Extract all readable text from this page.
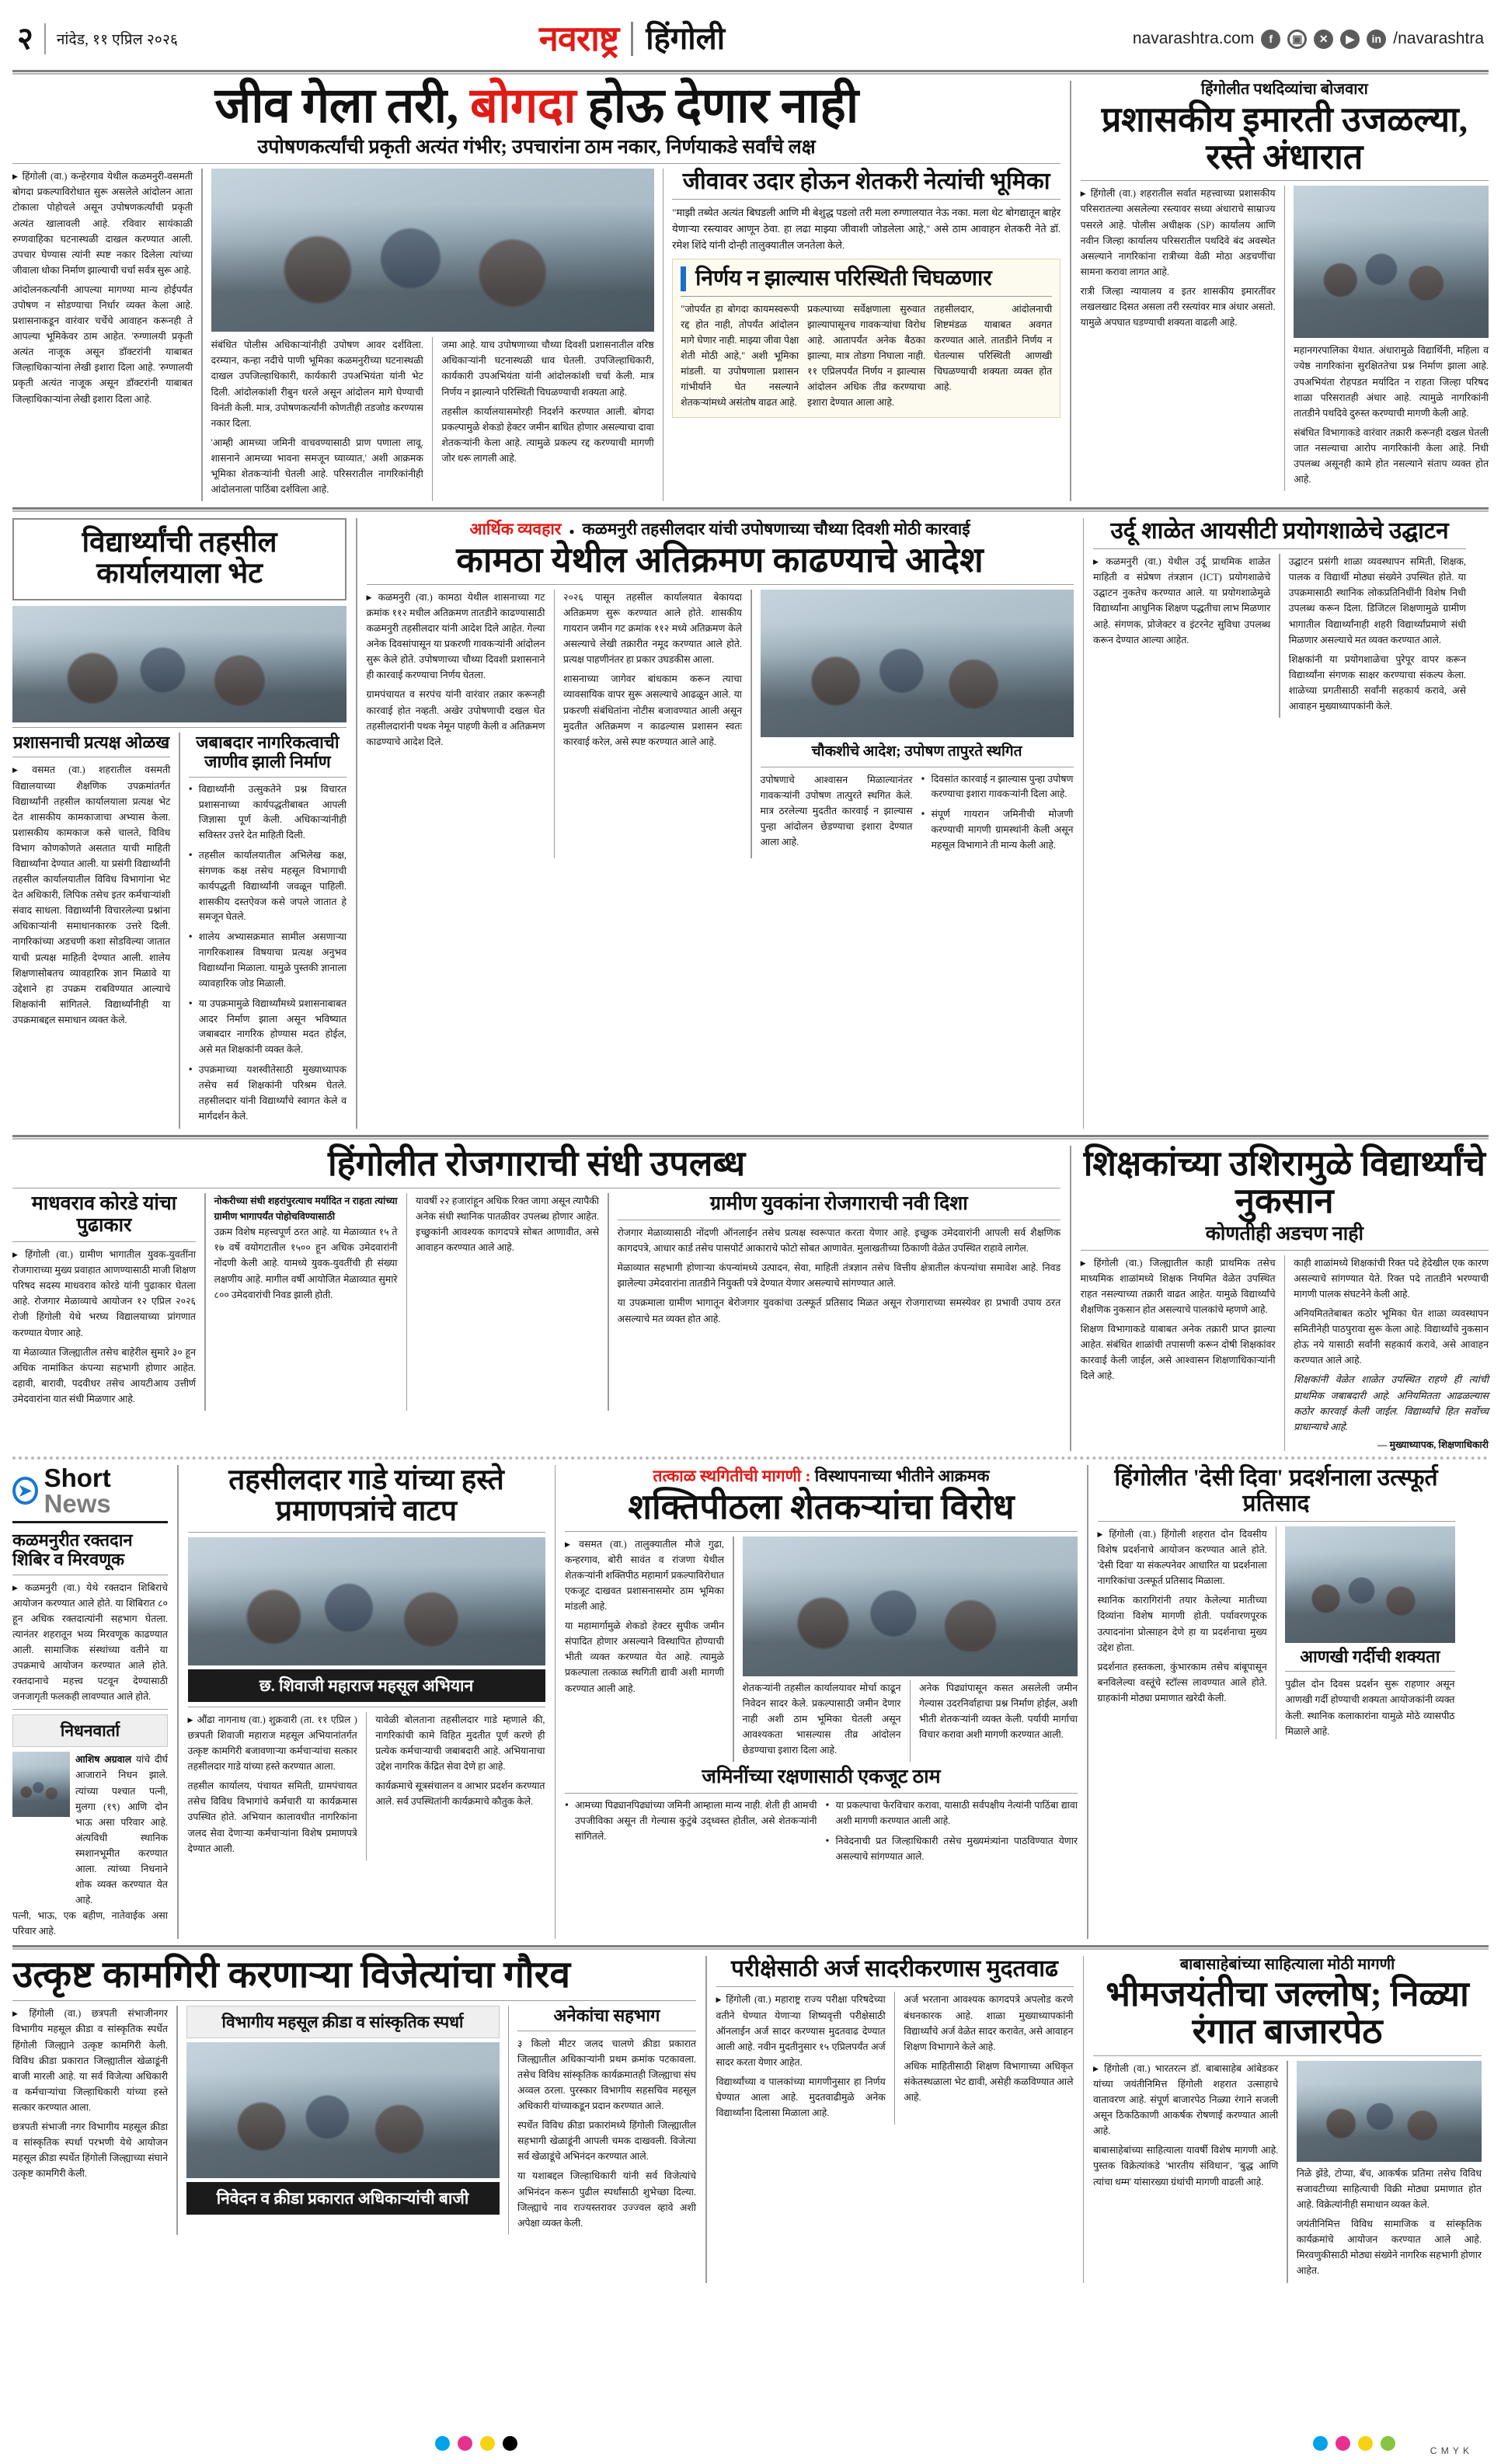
२ नांदेड, ११ एप्रिल २०२६	नवराष्ट्र हिंगोली	navarashtra.com	f	▣	✕	▶	in /navarashtra
जीव गेला तरी, बोगदा होऊ देणार नाही
उपोषणकर्त्यांची प्रकृती अत्यंत गंभीर; उपचारांना ठाम नकार, निर्णयाकडे सर्वांचे लक्ष

▶ हिंगोली (वा.) कन्हेरगाव येथील कळमनुरी-वसमती बोगदा प्रकल्पाविरोधात सुरू असलेले आंदोलन आता टोकाला पोहोचले असून उपोषणकर्त्यांची प्रकृती अत्यंत खालावली आहे. रविवार सायंकाळी रुग्णवाहिका घटनास्थळी दाखल करण्यात आली. उपचार घेण्यास त्यांनी स्पष्ट नकार दिलेला त्यांच्या जीवाला धोका निर्माण झाल्याची चर्चा सर्वत्र सुरू आहे.

आंदोलनकर्त्यांनी आपल्या मागण्या मान्य होईपर्यंत उपोषण न सोडण्याचा निर्धार व्यक्त केला आहे. प्रशासनाकडून वारंवार चर्चेचे आवाहन करूनही ते आपल्या भूमिकेवर ठाम आहेत. 'रुग्णालयी प्रकृती अत्यंत नाजूक असून डॉक्टरांनी याबाबत जिल्हाधिकाऱ्यांना लेखी इशारा दिला आहे. 'रुग्णालयी प्रकृती अत्यंत नाजूक असून डॉक्टरांनी याबाबत जिल्हाधिकाऱ्यांना लेखी इशारा दिला आहे.

संबंधित पोलीस अधिकाऱ्यांनीही उपोषण आवर दर्शविला. दरम्यान, कन्हा नदीचे पाणी भूमिका कळमनुरीच्या घटनास्थळी दाखल उपजिल्हाधिकारी, कार्यकारी उपअभियंता यांनी भेट दिली. आंदोलकांशी रीबुन धरले असून आंदोलन मागे घेण्याची विनंती केली. मात्र, उपोषणकर्त्यांनी कोणतीही तडजोड करण्यास नकार दिला.

'आम्ही आमच्या जमिनी वाचवण्यासाठी प्राण पणाला लावू. शासनाने आमच्या भावना समजून घ्याव्यात,' अशी आक्रमक भूमिका शेतकऱ्यांनी घेतली आहे. परिसरातील नागरिकांनीही आंदोलनाला पाठिंबा दर्शविला आहे.

जमा आहे. याच उपोषणाच्या चौथ्या दिवशी प्रशासनातील वरिष्ठ अधिकाऱ्यांनी घटनास्थळी धाव घेतली. उपजिल्हाधिकारी, कार्यकारी उपअभियंता यांनी आंदोलकांशी चर्चा केली. मात्र निर्णय न झाल्याने परिस्थिती चिघळण्याची शक्यता आहे.

तहसील कार्यालयासमोरही निदर्शने करण्यात आली. बोगदा प्रकल्पामुळे शेकडो हेक्टर जमीन बाधित होणार असल्याचा दावा शेतकऱ्यांनी केला आहे. त्यामुळे प्रकल्प रद्द करण्याची मागणी जोर धरू लागली आहे.

जीवावर उदार होऊन शेतकरी नेत्यांची भूमिका
"माझी तब्येत अत्यंत बिघडली आणि मी बेशुद्ध पडलो तरी मला रुग्णालयात नेऊ नका. मला थेट बोगद्यातून बाहेर येणाऱ्या रस्त्यावर आणून ठेवा. हा लढा माझ्या जीवाशी जोडलेला आहे," असे ठाम आवाहन शेतकरी नेते डॉ. रमेश शिंदे यांनी दोन्ही तालुक्यातील जनतेला केले.
निर्णय न झाल्यास परिस्थिती चिघळणार
"जोपर्यंत हा बोगदा कायमस्वरूपी रद्द होत नाही, तोपर्यंत आंदोलन मागे घेणार नाही. माझ्या जीवा पेक्षा शेती मोठी आहे," अशी भूमिका मांडली. या उपोषणाला प्रशासन गांभीर्याने घेत नसल्याने शेतकऱ्यांमध्ये असंतोष वाढत आहे.
प्रकल्पाच्या सर्वेक्षणाला सुरुवात झाल्यापासूनच गावकऱ्यांचा विरोध आहे. आतापर्यंत अनेक बैठका झाल्या, मात्र तोडगा निघाला नाही. ११ एप्रिलपर्यंत निर्णय न झाल्यास आंदोलन अधिक तीव्र करण्याचा इशारा देण्यात आला आहे.
तहसीलदार, आंदोलनाची शिष्टमंडळ याबाबत अवगत करण्यात आले. तातडीने निर्णय न घेतल्यास परिस्थिती आणखी चिघळण्याची शक्यता व्यक्त होत आहे.
हिंगोलीत पथदिव्यांचा बोजवारा
प्रशासकीय इमारती उजळल्या, रस्ते अंधारात

▶ हिंगोली (वा.) शहरातील सर्वात महत्त्वाच्या प्रशासकीय परिसरातल्या असलेल्या रस्त्यावर सध्या अंधाराचे साम्राज्य पसरले आहे. पोलीस अधीक्षक (SP) कार्यालय आणि नवीन जिल्हा कार्यालय परिसरातील पथदिवे बंद अवस्थेत असल्याने नागरिकांना रात्रीच्या वेळी मोठा अडचणींचा सामना करावा लागत आहे.

रात्री जिल्हा न्यायालय व इतर शासकीय इमारतींवर लखलखाट दिसत असला तरी रस्त्यांवर मात्र अंधार असतो. यामुळे अपघात घडण्याची शक्यता वाढली आहे.

महानगरपालिका येथात. अंधारामुळे विद्यार्थिनी, महिला व ज्येष्ठ नागरिकांना सुरक्षिततेचा प्रश्न निर्माण झाला आहे. उपअभियंता रोहपडत मर्यादित न राहता जिल्हा परिषद शाळा परिसरातही अंधार आहे. त्यामुळे नागरिकांनी तातडीने पथदिवे दुरुस्त करण्याची मागणी केली आहे.

संबंधित विभागाकडे वारंवार तक्रारी करूनही दखल घेतली जात नसल्याचा आरोप नागरिकांनी केला आहे. निधी उपलब्ध असूनही कामे होत नसल्याने संताप व्यक्त होत आहे.

विद्यार्थ्यांची तहसील कार्यालयाला भेट
प्रशासनाची प्रत्यक्ष ओळख
▶ वसमत (वा.) शहरातील वसमती विद्यालयाच्या शैक्षणिक उपक्रमांतर्गत विद्यार्थ्यांनी तहसील कार्यालयाला प्रत्यक्ष भेट देत शासकीय कामकाजाचा अभ्यास केला. प्रशासकीय कामकाज कसे चालते, विविध विभाग कोणकोणते असतात याची माहिती विद्यार्थ्यांना देण्यात आली. या प्रसंगी विद्यार्थ्यांनी तहसील कार्यालयातील विविध विभागांना भेट देत अधिकारी, लिपिक तसेच इतर कर्मचाऱ्यांशी संवाद साधला. विद्यार्थ्यांनी विचारलेल्या प्रश्नांना अधिकाऱ्यांनी समाधानकारक उत्तरे दिली. नागरिकांच्या अडचणी कशा सोडविल्या जातात याची प्रत्यक्ष माहिती देण्यात आली. शालेय शिक्षणासोबतच व्यावहारिक ज्ञान मिळावे या उद्देशाने हा उपक्रम राबविण्यात आल्याचे शिक्षकांनी सांगितले. विद्यार्थ्यांनीही या उपक्रमाबद्दल समाधान व्यक्त केले.
जबाबदार नागरिकत्वाची जाणीव झाली निर्माण
• विद्यार्थ्यांनी उत्सुकतेने प्रश्न विचारत प्रशासनाच्या कार्यपद्धतीबाबत आपली जिज्ञासा पूर्ण केली. अधिकाऱ्यांनीही सविस्तर उत्तरे देत माहिती दिली.
• तहसील कार्यालयातील अभिलेख कक्ष, संगणक कक्ष तसेच महसूल विभागाची कार्यपद्धती विद्यार्थ्यांनी जवळून पाहिली. शासकीय दस्तऐवज कसे जपले जातात हे समजून घेतले.
• शालेय अभ्यासक्रमात सामील असणाऱ्या नागरिकशास्त्र विषयाचा प्रत्यक्ष अनुभव विद्यार्थ्यांना मिळाला. यामुळे पुस्तकी ज्ञानाला व्यावहारिक जोड मिळाली.
• या उपक्रमामुळे विद्यार्थ्यांमध्ये प्रशासनाबाबत आदर निर्माण झाला असून भविष्यात जबाबदार नागरिक होण्यास मदत होईल, असे मत शिक्षकांनी व्यक्त केले.
• उपक्रमाच्या यशस्वीतेसाठी मुख्याध्यापक तसेच सर्व शिक्षकांनी परिश्रम घेतले. तहसीलदार यांनी विद्यार्थ्यांचे स्वागत केले व मार्गदर्शन केले.
आर्थिक व्यवहार ● कळमनुरी तहसीलदार यांची उपोषणाच्या चौथ्या दिवशी मोठी कारवाई
कामठा येथील अतिक्रमण काढण्याचे आदेश

▶ कळमनुरी (वा.) कामठा येथील शासनाच्या गट क्रमांक ११२ मधील अतिक्रमण तातडीने काढण्यासाठी कळमनुरी तहसीलदार यांनी आदेश दिले आहेत. गेल्या अनेक दिवसांपासून या प्रकरणी गावकऱ्यांनी आंदोलन सुरू केले होते. उपोषणाच्या चौथ्या दिवशी प्रशासनाने ही कारवाई करण्याचा निर्णय घेतला.

ग्रामपंचायत व सरपंच यांनी वारंवार तक्रार करूनही कारवाई होत नव्हती. अखेर उपोषणाची दखल घेत तहसीलदारांनी पथक नेमून पाहणी केली व अतिक्रमण काढण्याचे आदेश दिले.

२०२६ पासून तहसील कार्यालयात बेकायदा अतिक्रमण सुरू करण्यात आले होते. शासकीय गायरान जमीन गट क्रमांक ११२ मध्ये अतिक्रमण केले असल्याचे लेखी तक्रारीत नमूद करण्यात आले होते. प्रत्यक्ष पाहणीनंतर हा प्रकार उघडकीस आला.

शासनाच्या जागेवर बांधकाम करून त्याचा व्यावसायिक वापर सुरू असल्याचे आढळून आले. या प्रकरणी संबंधितांना नोटीस बजावण्यात आली असून मुदतीत अतिक्रमण न काढल्यास प्रशासन स्वतः कारवाई करेल, असे स्पष्ट करण्यात आले आहे.

चौकशीचे आदेश; उपोषण तापुरते स्थगित
उपोषणाचे आश्वासन मिळाल्यानंतर गावकऱ्यांनी उपोषण तात्पुरते स्थगित केले. मात्र ठरलेल्या मुदतीत कारवाई न झाल्यास पुन्हा आंदोलन छेडण्याचा इशारा देण्यात आला आहे.
• दिवसांत कारवाई न झाल्यास पुन्हा उपोषण करण्याचा इशारा गावकऱ्यांनी दिला आहे.
• संपूर्ण गायरान जमिनीची मोजणी करण्याची मागणी ग्रामस्थांनी केली असून महसूल विभागाने ती मान्य केली आहे.
उर्दू शाळेत आयसीटी प्रयोगशाळेचे उद्घाटन

▶ कळमनुरी (वा.) येथील उर्दू प्राथमिक शाळेत माहिती व संप्रेषण तंत्रज्ञान (ICT) प्रयोगशाळेचे उद्घाटन नुकतेच करण्यात आले. या प्रयोगशाळेमुळे विद्यार्थ्यांना आधुनिक शिक्षण पद्धतीचा लाभ मिळणार आहे. संगणक, प्रोजेक्टर व इंटरनेट सुविधा उपलब्ध करून देण्यात आल्या आहेत.

उद्घाटन प्रसंगी शाळा व्यवस्थापन समिती, शिक्षक, पालक व विद्यार्थी मोठ्या संख्येने उपस्थित होते. या उपक्रमासाठी स्थानिक लोकप्रतिनिधींनी विशेष निधी उपलब्ध करून दिला. डिजिटल शिक्षणामुळे ग्रामीण भागातील विद्यार्थ्यांनाही शहरी विद्यार्थ्यांप्रमाणे संधी मिळणार असल्याचे मत व्यक्त करण्यात आले.

शिक्षकांनी या प्रयोगशाळेचा पुरेपूर वापर करून विद्यार्थ्यांना संगणक साक्षर करण्याचा संकल्प केला. शाळेच्या प्रगतीसाठी सर्वांनी सहकार्य करावे, असे आवाहन मुख्याध्यापकांनी केले.

हिंगोलीत रोजगाराची संधी उपलब्ध
माधवराव कोरडे यांचा पुढाकार

▶ हिंगोली (वा.) ग्रामीण भागातील युवक-युवतींना रोजगाराच्या मुख्य प्रवाहात आणण्यासाठी माजी शिक्षण परिषद सदस्य माधवराव कोरडे यांनी पुढाकार घेतला आहे. रोजगार मेळाव्याचे आयोजन १२ एप्रिल २०२६ रोजी हिंगोली येथे भरघ्य विद्यालयाच्या प्रांगणात करण्यात येणार आहे.

या मेळाव्यात जिल्ह्यातील तसेच बाहेरील सुमारे ३० हून अधिक नामांकित कंपन्या सहभागी होणार आहेत. दहावी, बारावी, पदवीधर तसेच आयटीआय उत्तीर्ण उमेदवारांना यात संधी मिळणार आहे.

नोकरीच्या संधी शहरांपुरत्याच मर्यादित न राहता त्यांच्या ग्रामीण भागापर्यंत पोहोचविण्यासाठी

उक्रम विशेष महत्त्वपूर्ण ठरत आहे. या मेळाव्यात १५ ते १७ वर्षे वयोगटातील १५०० हून अधिक उमेदवारांनी नोंदणी केली आहे. यामध्ये युवक-युवतींची ही संख्या लक्षणीय आहे. मागील वर्षी आयोजित मेळाव्यात सुमारे ८०० उमेदवारांची निवड झाली होती.

यावर्षी २२ हजारांहून अधिक रिक्त जागा असून त्यापैकी अनेक संधी स्थानिक पातळीवर उपलब्ध होणार आहेत. इच्छुकांनी आवश्यक कागदपत्रे सोबत आणावीत, असे आवाहन करण्यात आले आहे.

ग्रामीण युवकांना रोजगाराची नवी दिशा

रोजगार मेळाव्यासाठी नोंदणी ऑनलाईन तसेच प्रत्यक्ष स्वरूपात करता येणार आहे. इच्छुक उमेदवारांनी आपली सर्व शैक्षणिक कागदपत्रे, आधार कार्ड तसेच पासपोर्ट आकाराचे फोटो सोबत आणावेत. मुलाखतीच्या ठिकाणी वेळेत उपस्थित राहावे लागेल.

मेळाव्यात सहभागी होणाऱ्या कंपन्यांमध्ये उत्पादन, सेवा, माहिती तंत्रज्ञान तसेच वित्तीय क्षेत्रातील कंपन्यांचा समावेश आहे. निवड झालेल्या उमेदवारांना तातडीने नियुक्ती पत्रे देण्यात येणार असल्याचे सांगण्यात आले.

या उपक्रमाला ग्रामीण भागातून बेरोजगार युवकांचा उत्स्फूर्त प्रतिसाद मिळत असून रोजगाराच्या समस्येवर हा प्रभावी उपाय ठरत असल्याचे मत व्यक्त होत आहे.

शिक्षकांच्या उशिरामुळे विद्यार्थ्यांचे नुकसान
कोणतीही अडचण नाही

▶ हिंगोली (वा.) जिल्ह्यातील काही प्राथमिक तसेच माध्यमिक शाळांमध्ये शिक्षक नियमित वेळेत उपस्थित राहत नसल्याच्या तक्रारी वाढत आहेत. यामुळे विद्यार्थ्यांचे शैक्षणिक नुकसान होत असल्याचे पालकांचे म्हणणे आहे.

शिक्षण विभागाकडे याबाबत अनेक तक्रारी प्राप्त झाल्या आहेत. संबंधित शाळांची तपासणी करून दोषी शिक्षकांवर कारवाई केली जाईल, असे आश्वासन शिक्षणाधिकाऱ्यांनी दिले आहे.

काही शाळांमध्ये शिक्षकांची रिक्त पदे हेदेखील एक कारण असल्याचे सांगण्यात येते. रिक्त पदे तातडीने भरण्याची मागणी पालक संघटनेने केली आहे.

अनियमिततेबाबत कठोर भूमिका घेत शाळा व्यवस्थापन समितीनेही पाठपुरावा सुरू केला आहे. विद्यार्थ्यांचे नुकसान होऊ नये यासाठी सर्वांनी सहकार्य करावे, असे आवाहन करण्यात आले आहे.

शिक्षकांनी वेळेत शाळेत उपस्थित राहणे ही त्यांची प्राथमिक जबाबदारी आहे. अनियमितता आढळल्यास कठोर कारवाई केली जाईल. विद्यार्थ्यांचे हित सर्वोच्च प्राधान्याचे आहे.
— मुख्याध्यापक, शिक्षणाधिकारी
➤ Short News
कळमनुरीत रक्तदान शिबिर व मिरवणूक
▶ कळमनुरी (वा.) येथे रक्तदान शिबिराचे आयोजन करण्यात आले होते. या शिबिरात ८० हून अधिक रक्तदात्यांनी सहभाग घेतला. त्यानंतर शहरातून भव्य मिरवणूक काढण्यात आली. सामाजिक संस्थांच्या वतीने या उपक्रमाचे आयोजन करण्यात आले होते. रक्तदानाचे महत्त्व पटवून देण्यासाठी जनजागृती फलकही लावण्यात आले होते.
निधनवार्ता
आशिष अग्रवाल यांचे दीर्घ आजाराने निधन झाले. त्यांच्या पश्चात पत्नी, मुलगा (१९) आणि दोन भाऊ असा परिवार आहे. अंत्यविधी स्थानिक स्मशानभूमीत करण्यात आला. त्यांच्या निधनाने शोक व्यक्त करण्यात येत आहे.
पत्नी, भाऊ, एक बहीण, नातेवाईक असा परिवार आहे.
तहसीलदार गाडे यांच्या हस्ते प्रमाणपत्रांचे वाटप
छ. शिवाजी महाराज महसूल अभियान

▶ औंढा नागनाथ (वा.) शुक्रवारी (ता. ११ एप्रिल ) छत्रपती शिवाजी महाराज महसूल अभियानांतर्गत उत्कृष्ट कामगिरी बजावणाऱ्या कर्मचाऱ्यांचा सत्कार तहसीलदार गाडे यांच्या हस्ते करण्यात आला.

तहसील कार्यालय, पंचायत समिती, ग्रामपंचायत तसेच विविध विभागांचे कर्मचारी या कार्यक्रमास उपस्थित होते. अभियान कालावधीत नागरिकांना जलद सेवा देणाऱ्या कर्मचाऱ्यांना विशेष प्रमाणपत्रे देण्यात आली.

यावेळी बोलताना तहसीलदार गाडे म्हणाले की, नागरिकांची कामे विहित मुदतीत पूर्ण करणे ही प्रत्येक कर्मचाऱ्याची जबाबदारी आहे. अभियानाचा उद्देश नागरिक केंद्रित सेवा देणे हा आहे.

कार्यक्रमाचे सूत्रसंचालन व आभार प्रदर्शन करण्यात आले. सर्व उपस्थितांनी कार्यक्रमाचे कौतुक केले.

तत्काळ स्थगितीची मागणी : विस्थापनाच्या भीतीने आक्रमक
शक्तिपीठला शेतकऱ्यांचा विरोध

▶ वसमत (वा.) तालुक्यातील मौजे गुढा, कन्हरगाव, बोरी सावंत व रांजणा येथील शेतकऱ्यांनी शक्तिपीठ महामार्ग प्रकल्पाविरोधात एकजूट दाखवत प्रशासनासमोर ठाम भूमिका मांडली आहे.

या महामार्गामुळे शेकडो हेक्टर सुपीक जमीन संपादित होणार असल्याने विस्थापित होण्याची भीती व्यक्त करण्यात येत आहे. त्यामुळे प्रकल्पाला तत्काळ स्थगिती द्यावी अशी मागणी करण्यात आली आहे.	शेतकऱ्यांनी तहसील कार्यालयावर मोर्चा काढून निवेदन सादर केले. प्रकल्पासाठी जमीन देणार नाही अशी ठाम भूमिका घेतली असून आवश्यकता भासल्यास तीव्र आंदोलन छेडण्याचा इशारा दिला आहे.

अनेक पिढ्यांपासून कसत असलेली जमीन गेल्यास उदरनिर्वाहाचा प्रश्न निर्माण होईल, अशी भीती शेतकऱ्यांनी व्यक्त केली. पर्यायी मार्गाचा विचार करावा अशी मागणी करण्यात आली.

जमिनींच्या रक्षणासाठी एकजूट ठाम
• आमच्या पिढ्यानपिढ्यांच्या जमिनी आम्हाला मान्य नाही. शेती ही आमची उपजीविका असून ती गेल्यास कुटुंबे उद्ध्वस्त होतील, असे शेतकऱ्यांनी सांगितले.
• या प्रकल्पाचा फेरविचार करावा, यासाठी सर्वपक्षीय नेत्यांनी पाठिंबा द्यावा अशी मागणी करण्यात आली आहे.
• निवेदनाची प्रत जिल्हाधिकारी तसेच मुख्यमंत्र्यांना पाठविण्यात येणार असल्याचे सांगण्यात आले.
हिंगोलीत 'देसी दिवा' प्रदर्शनाला उत्स्फूर्त प्रतिसाद

▶ हिंगोली (वा.) हिंगोली शहरात दोन दिवसीय विशेष प्रदर्शनाचे आयोजन करण्यात आले होते. 'देसी दिवा' या संकल्पनेवर आधारित या प्रदर्शनाला नागरिकांचा उत्स्फूर्त प्रतिसाद मिळाला.

स्थानिक कारागिरांनी तयार केलेल्या मातीच्या दिव्यांना विशेष मागणी होती. पर्यावरणपूरक उत्पादनांना प्रोत्साहन देणे हा या प्रदर्शनाचा मुख्य उद्देश होता.

प्रदर्शनात हस्तकला, कुंभारकाम तसेच बांबूपासून बनविलेल्या वस्तूंचे स्टॉल्स लावण्यात आले होते. ग्राहकांनी मोठ्या प्रमाणात खरेदी केली.

आणखी गर्दीची शक्यता
पुढील दोन दिवस प्रदर्शन सुरू राहणार असून आणखी गर्दी होण्याची शक्यता आयोजकांनी व्यक्त केली. स्थानिक कलाकारांना यामुळे मोठे व्यासपीठ मिळाले आहे.
उत्कृष्ट कामगिरी करणाऱ्या विजेत्यांचा गौरव

▶ हिंगोली (वा.) छत्रपती संभाजीनगर विभागीय महसूल क्रीडा व सांस्कृतिक स्पर्धेत हिंगोली जिल्ह्याने उत्कृष्ट कामगिरी केली. विविध क्रीडा प्रकारात जिल्ह्यातील खेळाडूंनी बाजी मारली आहे. या सर्व विजेत्या अधिकारी व कर्मचाऱ्यांचा जिल्हाधिकारी यांच्या हस्ते सत्कार करण्यात आला.

छत्रपती संभाजी नगर विभागीय महसूल क्रीडा व सांस्कृतिक स्पर्धा परभणी येथे आयोजन महसूल क्रीडा स्पर्धेत हिंगोली जिल्ह्याच्या संघाने उत्कृष्ट कामगिरी केली.

विभागीय महसूल क्रीडा व सांस्कृतिक स्पर्धा
निवेदन व क्रीडा प्रकारात अधिकाऱ्यांची बाजी
अनेकांचा सहभाग

३ किलो मीटर जलद चालणे क्रीडा प्रकारात जिल्ह्यातील अधिकाऱ्यांनी प्रथम क्रमांक पटकावला. तसेच विविध सांस्कृतिक कार्यक्रमातही जिल्ह्याचा संघ अव्वल ठरला. पुरस्कार विभागीय सहसचिव महसूल अधिकारी यांच्याकडून प्रदान करण्यात आले.

स्पर्धेत विविध क्रीडा प्रकारांमध्ये हिंगोली जिल्ह्यातील सहभागी खेळाडूंनी आपली चमक दाखवली. विजेत्या सर्व खेळाडूंचे अभिनंदन करण्यात आले.

या यशाबद्दल जिल्हाधिकारी यांनी सर्व विजेत्यांचे अभिनंदन करून पुढील स्पर्धांसाठी शुभेच्छा दिल्या. जिल्ह्याचे नाव राज्यस्तरावर उज्ज्वल व्हावे अशी अपेक्षा व्यक्त केली.

परीक्षेसाठी अर्ज सादरीकरणास मुदतवाढ

▶ हिंगोली (वा.) महाराष्ट्र राज्य परीक्षा परिषदेच्या वतीने घेण्यात येणाऱ्या शिष्यवृत्ती परीक्षेसाठी ऑनलाईन अर्ज सादर करण्यास मुदतवाढ देण्यात आली आहे. नवीन मुदतीनुसार १५ एप्रिलपर्यंत अर्ज सादर करता येणार आहेत.

विद्यार्थ्यांच्या व पालकांच्या मागणीनुसार हा निर्णय घेण्यात आला आहे. मुदतवाढीमुळे अनेक विद्यार्थ्यांना दिलासा मिळाला आहे.

अर्ज भरताना आवश्यक कागदपत्रे अपलोड करणे बंधनकारक आहे. शाळा मुख्याध्यापकांनी विद्यार्थ्यांचे अर्ज वेळेत सादर करावेत, असे आवाहन शिक्षण विभागाने केले आहे.

अधिक माहितीसाठी शिक्षण विभागाच्या अधिकृत संकेतस्थळाला भेट द्यावी, असेही कळविण्यात आले आहे.

बाबासाहेबांच्या साहित्याला मोठी मागणी
भीमजयंतीचा जल्लोष; निळ्या रंगात बाजारपेठ

▶ हिंगोली (वा.) भारतरत्न डॉ. बाबासाहेब आंबेडकर यांच्या जयंतीनिमित्त हिंगोली शहरात उत्साहाचे वातावरण आहे. संपूर्ण बाजारपेठ निळ्या रंगाने सजली असून ठिकठिकाणी आकर्षक रोषणाई करण्यात आली आहे.

बाबासाहेबांच्या साहित्याला यावर्षी विशेष मागणी आहे. पुस्तक विक्रेत्यांकडे 'भारतीय संविधान', 'बुद्ध आणि त्यांचा धम्म' यांसारख्या ग्रंथांची मागणी वाढली आहे.

निळे झेंडे, टोप्या, बॅच, आकर्षक प्रतिमा तसेच विविध सजावटीच्या साहित्याची विक्री मोठ्या प्रमाणात होत आहे. विक्रेत्यांनीही समाधान व्यक्त केले.

जयंतीनिमित्त विविध सामाजिक व सांस्कृतिक कार्यक्रमांचे आयोजन करण्यात आले आहे. मिरवणुकीसाठी मोठ्या संख्येने नागरिक सहभागी होणार आहेत.

C M Y K
